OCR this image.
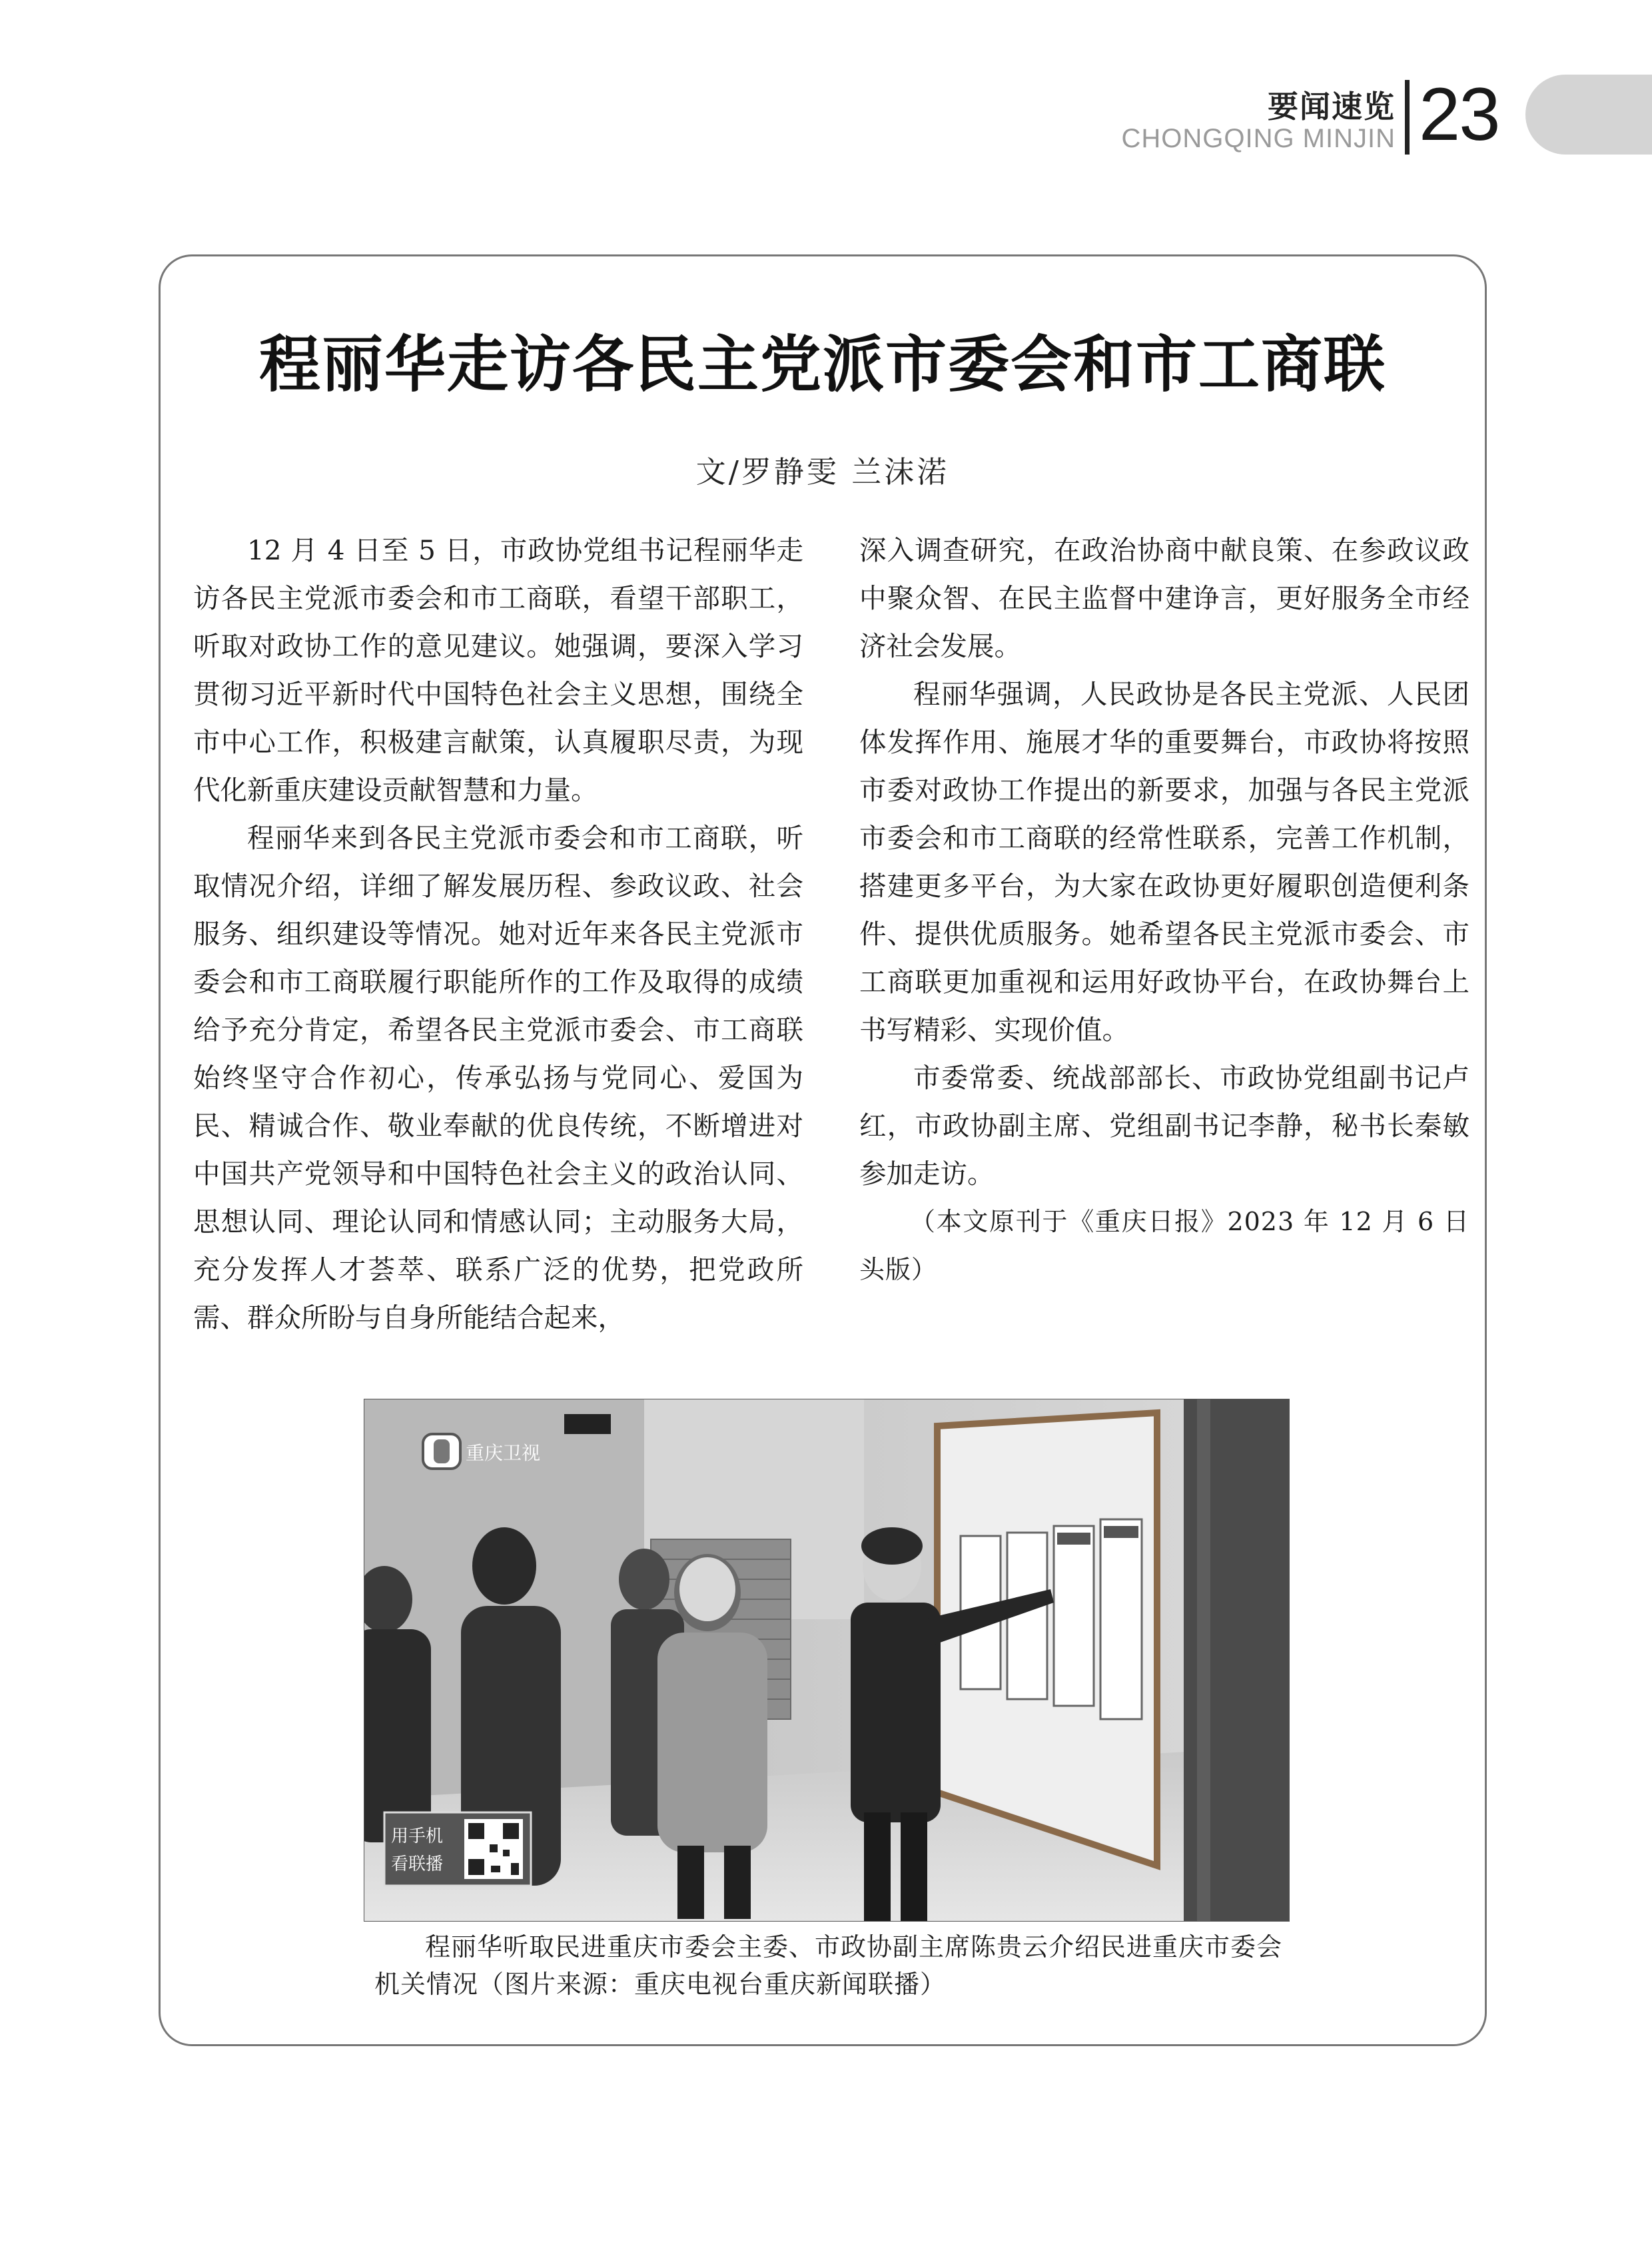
要闻速览
CHONGQING MINJIN 23
程丽华走访各民主党派市委会和市工商联
文/罗静雯 兰沫渃

12 月 4 日至 5 日，市政协党组书记程丽华走访各民主党派市委会和市工商联，看望干部职工，听取对政协工作的意见建议。她强调，要深入学习贯彻习近平新时代中国特色社会主义思想，围绕全市中心工作，积极建言献策，认真履职尽责，为现代化新重庆建设贡献智慧和力量。

程丽华来到各民主党派市委会和市工商联，听取情况介绍，详细了解发展历程、参政议政、社会服务、组织建设等情况。她对近年来各民主党派市委会和市工商联履行职能所作的工作及取得的成绩给予充分肯定，希望各民主党派市委会、市工商联始终坚守合作初心，传承弘扬与党同心、爱国为民、精诚合作、敬业奉献的优良传统，不断增进对中国共产党领导和中国特色社会主义的政治认同、思想认同、理论认同和情感认同；主动服务大局，充分发挥人才荟萃、联系广泛的优势，把党政所需、群众所盼与自身所能结合起来，

深入调查研究，在政治协商中献良策、在参政议政中聚众智、在民主监督中建诤言，更好服务全市经济社会发展。

程丽华强调，人民政协是各民主党派、人民团体发挥作用、施展才华的重要舞台，市政协将按照市委对政协工作提出的新要求，加强与各民主党派市委会和市工商联的经常性联系，完善工作机制，搭建更多平台，为大家在政协更好履职创造便利条件、提供优质服务。她希望各民主党派市委会、市工商联更加重视和运用好政协平台，在政协舞台上书写精彩、实现价值。

市委常委、统战部部长、市政协党组副书记卢红，市政协副主席、党组副书记李静，秘书长秦敏参加走访。

（本文原刊于《重庆日报》2023 年 12 月 6 日头版）

重庆卫视
用手机
看联播

程丽华听取民进重庆市委会主委、市政协副主席陈贵云介绍民进重庆市委会机关情况（图片来源：重庆电视台重庆新闻联播）
